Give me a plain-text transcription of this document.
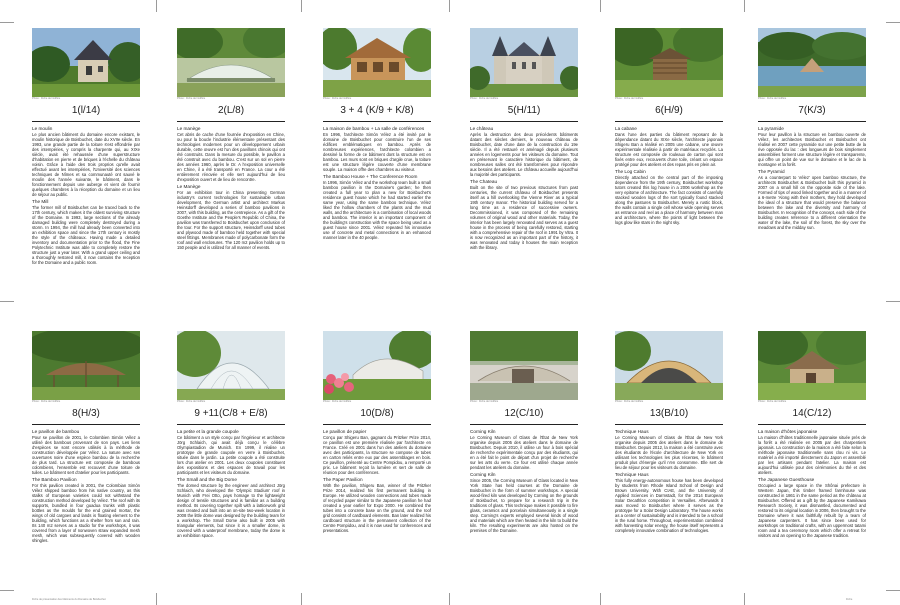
Photo : Fiche de l'édifice
1(l/14)
Le moulin

Le plus ancien bâtiment du domaine encore existant, le moulin historique de Boisbuchet, date du XVIIe siècle. En 1993, une grande partie de la toiture s'est effondrée par des intempéries, y compris la charpente qui, au XIXe siècle, avait été rehaussée d'une superstructure d'habitation en pierre et de briques à l'échelle du château voisin. Grâce à l'aide des trois proprios qu'elle avait effectué avant les intempéries, l'Université des sciences techniques de Nîmes et sa communauté ont sauvé le moulin des l'année suivante, le bâtiment, dans le fonctionnement depuis une auberge et vient de fournir quelques chambres à la réception du domaine et un lieu de séjour au public.

The Mill

The former mill of Boisbuchet can be traced back to the 17th century, which makes it the oldest surviving structure of the Domaine. In 1993, large sections of the already damaged building were completely destroyed during a storm. In 1994, the mill had already been converted into an exhibition space and since the 17th century is mostly the style of the châteaux. Having made a detailed inventory and documentation prior to the flood, the Fine Polytechnic Institute was able to completely restore the structure just a year later. With a grand upper ceiling and a thoroughly restored mill, it now contains the reception for the Domaine and a public room.

Photo : Fiche de l'édifice
2(L/8)
Le manège

Cet abris de cache d'une fournée d'exposition en Chine, ou pour la boucle l'industrie élémentaire présentant des technologies modernes pour un développement urbain durable, cette œuvre est l'un des pavillons chinois qui ont été construits. Dans la mesure du possible, le pavillon a été construit avec du bambou. C'est sur un sol en pierre des années 1960, après le Dr. A l'exposition universelle en Chine, il a été transporté en France. La cour a été entièrement rénovée et elle sert aujourd'hui de lieu d'exposition ouvert et de lieu de rencontre.

Le Manège

For an exhibition tour in China presenting German industry's current technologies for sustainable urban development, the German artist and architect Markus Heinsdorff developed a series of bamboo pavilions in 2007, with this building, as the centrepiece. As a gift of the Goethe Institute and the People's Republic of China, the pavilion was transferred to Boisbuchet upon conclusion of the tour. For the support structure, Heinsdorff used tubes and plywood made of bamboo held together with special steel fittings. Membranes made of polycarbonate form the roof and wall enclosures. The 120 m2 pavilion holds up to 150 people and is utilized for all manner of events.

Photo : Fiche de l'édifice
3 + 4 (K/9 + K/8)
La maison de bambou + La salle de conférences

En 1996, l'architecte Simón Vélez a été invité par le domaine de Boisbuchet pour construire l'un de ses édifices emblématiques en bambou. Après de nombreuses expériences, l'architecte colombien a dessiné la forme de ce bâtiment dont la structure est en bambou. Les murs sont en briques d'argile crue, la toiture est une structure légère couverte d'une membrane souple. La maison offre des chambres au visiteur.

The Bamboo House + The Conference Room

In 1996, Simón Vélez and the workshop team built a small bamboo pavilion in the Domaine's garden; he then created a full year to plan a new for Boisbuchet's residence guest house which he had started earlier the same year, using the same bamboo technique. Vélez liked the hollow chambers of the plants and the mud walls, and the architecture is a combination of local woods and bamboo. The interior is an important component of the building's construction with the space being used as a guest house since 2001. Vélez repeated his innovative use of concrete and metal connections in an enhanced manner later in the 40 people.

Photo : Fiche de l'édifice
5(H/11)
Le château

Après la destruction des deux précédents bâtiments datant des siècles derniers, le nouveau château de Boisbuchet, date d'une date de la construction du 19e siècle. Il a été restauré et aménagé depuis plusieurs années en logements pour les visiteurs du domaine. Tout en préservant le caractère historique du bâtiment, de nombreuses salles ont été transformées pour répondre aux besoins des ateliers. Le château accueille aujourd'hui la majorité des participants.

The Chateau

Built on the site of two previous structures from past centuries, the current château of Boisbuchet presents itself as a hill overlooking the Vienne River as a typical 19th century manor. The historical building served for a long time as a residence of successive owners. Decommissioned, it was composed of the remaining volumes of original wood and other materials. Today, the interior has been largely renovated and serves as a guest house in the process of being carefully restored, starting with a comprehensive repair of the roof in 1991 by Vitra. It is now recognized as an important part of the history, it was renovated and today it houses the main reception with the library.

Photo : Fiche de l'édifice
6(H/9)
La cabane

Dans l'une des parties du bâtiment reposant de la dépendance datant du XIXe siècle, l'architecte japonais Shigeru Ban a réalisé en 2005 une cabane, une œuvre expérimentale réalisée à partir de matériaux recyclés. La structure est composée de rouleaux de carton qui sont fixés entre eux, recouverts d'une toile, créant un espace protégé pour des ateliers et des repas pris en plein air.

The Log Cabin

Directly attached on the central part of the imposing dependence from the 19th century, Boisbuchet workshop tutors created this log house in a 2006 workshop as the very epitome of architecture. The fact consists of carefully stacked wooden logs of the sort typically found stacked along the pastures to Boisbuchet. Merely a rustic block, the walls contain a single cell whose wide opening serves as entrance and reel as a place of harmony between man and architecture, where the points of light between the logs glow like stars in the night sky.

Photo : Fiche de l'édifice
7(K/3)
La pyramide

Pour leur pavillon à la structure en bambou ouverte de Vélez, les architectes Boisbuchet et Boisbuchet ont réalisé en 2007 cette pyramide sur une petite butte de la rive opposée du lac : des longueurs de bois simplement assemblées forment une structure légère et transparente, qui offre un point de vue sur le domaine et le lac de la montagne et la forêt.

The Pyramid

As a counterpart to Vélez' open bamboo structure, the architects Boisbuchet & Boisbuchet built this pyramid in 2007 on a small hill on the opposite side of the lake. Formed of tips of wood linked together and in a manner of a 6-metre 'Along with their mothers, they hold developed the ideal of a structure that would preserve the balance between the lake and the diversity and harmony of Boisbuchet. In recognition of the concept, each side of the building creates reference to a different orientation the water of the lake, the soil of the forest, the sky over the meadows and the midday sun.

Photo : Fiche de l'édifice
8(H/3)
Le pavillon de bambou

Pour se pavillon de 2001, le Colombien Simón Vélez a utilisé des bambous provenant de son pays. Les liens d'espèces se sont encore utilisés à la méthode de construction développée par Vélez. La nature avec ses ouvertures noire d'une espèce bambou de la recherche de plus tard. La structure est composée de bambous colombiens, l'ensemble est recouvert d'une toiture de tuiles. Le bâtiment sert d'atelier pour les participants.

The Bamboo Pavilion

For this pavilion created in 2001, the Colombian Simón Vélez shipped bamboo from his native country, as this stalks of European varieties could not withstand the construction method developed by Vélez. The roof with its supports, bundled in four guadua trunks with plastic bottles as the moulds for the end grained mortar, the wings of old cargoes and lands is floating element to the building, which functions as a shelter from sun and rain. Its 140 m2 serves as a studio for the workshops, it was covered from a layer of nonwoven straw expanded mesh mesh, which was subsequently covered with wooden shingles.

Photo : Fiche de l'édifice
9 +11(C/8 + E/8)
La petite et la grande coupole

Ce bâtiment a un style conçu par l'ingénieur et architecte Jörg Schlaich, qui avait déjà conçu le célèbre Olympiastadion de Munich. En 1999, il réalise un prototype de grande coupole en verre à Boisbuchet, située dans le jardin. La petite coupole a été construite lors d'un atelier en 2001. Les deux coupoles constituent des expositions et des espaces de travail pour les participants et les visiteurs du domaine.

The Small and the Big Dome

The domed structure by the engineer and architect Jörg Schlaich, who developed the 'Olympic Stadium' roof in Munich with Frei Otto, pays homage to the lightweight design of tensile structures and is familiar as a building method. Its covering together spilt with a latticework grid was created and built into an on-site two-week location in 2008 the little dome was designed by the building team for a workshop. The Small Dome also built in 2005 with triangular elements, but since it is a smaller dome, is covered with a waterproof membrane, today the dome is an exhibition space.

Photo : Fiche de l'édifice
10(D/8)
Le pavillon de papier

Conçu par Shigeru Ban, gagnant du Pritzker Prize 2014, ce pavillon est une première réalisée par l'architecte en France. Créé en 2001 dans l'un des ateliers du domaine avec des participants, la structure se compose de tubes en carton reliés entre eux par des assemblages en bois. Ce pavillon, présenté au Centre Pompidou, a remporté un prix. Le bâtiment reçoit la lumière et sert de salle de réunion pour des conférences.

The Paper Pavilion

With the pavilion, Shigeru Ban, winner of the Pritzker Prize 2014, realized his first permanent building in Europe. He utilized wooden connections and tubes made of recycled paper similar to the Japanese pavilion he had created a year earlier for Expo 2000. He combined the tubes into a concrete base on the ground, and the roof grid consists of cardboard elements. Ban later realized his cardboard structure in the permanent collection of the Centre Pompidou, and it is now used for conferences and presentations.

Photo : Fiche de l'édifice
12(C/10)
Corning Kiln

Le Corning Museum of Glass de l'État de New York organise depuis 2005 des ateliers dans le domaine de Boisbuchet. Depuis 2010, il utilise un four à bois spécial de recherche expérimentale conçu par des étudiants, qui en a été fait le point de départ d'un projet de recherche sur les arts du verre. Ce four est utilisé chaque année pendant les ateliers du domaine.

Corning Kiln

Since 2005, the Corning Museum of Glass located in New York State has held courses at the Domaine de Boisbuchet in the form of summer workshops. A special wood-fired kiln was developed by Corning on the grounds of Boisbuchet, to prepare for a research trip in the traditions of glass. This technique makes it possible to fire glass, ceramics and porcelain simultaneously in a single step. Corning's experts employed several kinds of wood and materials which are then heated in the kiln to build the kiln. The resulting experiments are also hosted on the premises of the Domaine.

Photo : Fiche de l'édifice
13(B/10)
Technique Haus

Le Corning Museum of Glass de l'État de New York organise depuis 2005 des ateliers dans le domaine de Boisbuchet. Depuis 2012, la maison a été construite avec des étudiants de l'école d'architecture de New York en utilisant les technologies les plus récentes, le bâtiment produit plus d'énergie qu'il n'en consomme. Elle sert de lieu de séjour pour les visiteurs du domaine.

Technique Haus

This fully energy-autonomous house has been developed by students from Rhode Island School of Design and Brown University. With CIAE, and the University of Applied Sciences in Darmstadt, for the 2014 European Solar Decathlon competition in Versailles. Afterwards it was moved to Boisbuchet where it serves as the prototype for a Solar Design Laboratory. The house works as a center of sustainability and is intended to be a school in the rural home. Throughout, experimentation combined with harvesting solar energy, the house itself represents a completely innovative combination of technologies.

Photo : Fiche de l'édifice
14(C/12)
La maison d'hôtes japonaise

La maison d'hôtes traditionnelle japonaise située près de la forêt a été réalisée en 2005 par des charpentiers japonais. La construction de la maison a été faite selon la méthode japonaise traditionnelle sans clou ni vis. Le matériel a été importé directement du Japon et assemblé par les artisans pendant l'atelier. La maison est aujourd'hui utilisée pour des cérémonies du thé et des ateliers.

The Japanese Guesthouse

Occupied a large space in the Shônai prefecture in Western Japan, this timber framed farmhouse was constructed in 1861 in the same period as the château at Boisbuchet. Offered as a gift by the Japanese Kamikawa Research Society, it was dismantled, documented and restored to its original location in 2006, then brought to the Domaine where it was faithfully rebuilt by a team of Japanese carpenters. It has since been used for workshops on traditional crafts, with an uppermost tatami room and a tea ceremony room which offer a retreat for visitors and an opening to the Japanese tradition.

Fiche de présentation des bâtiments du Domaine de Boisbuchet	Fiche
